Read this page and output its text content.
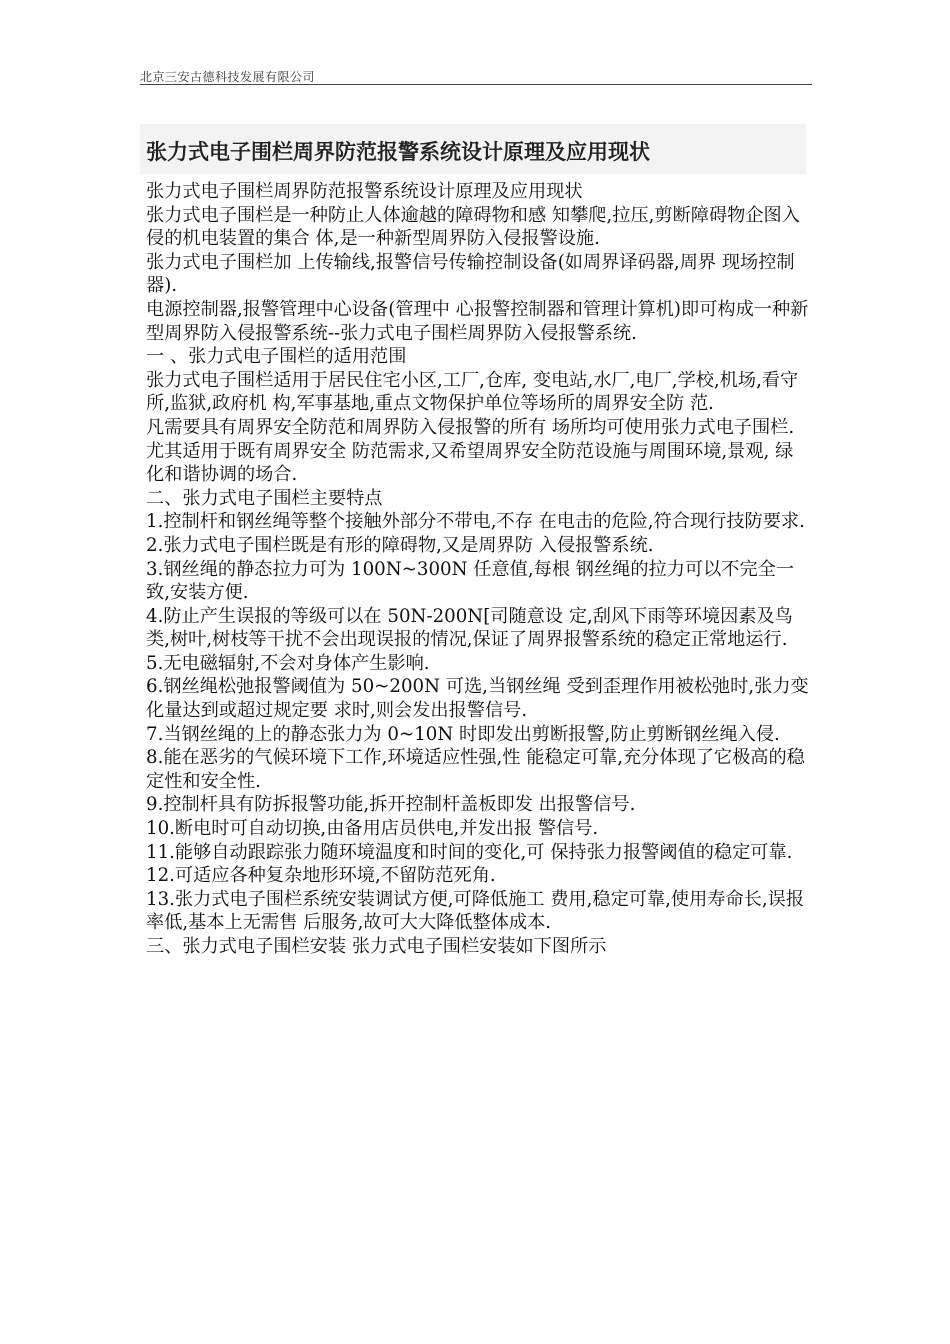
北京三安古德科技发展有限公司
张力式电子围栏周界防范报警系统设计原理及应用现状

张力式电子围栏周界防范报警系统设计原理及应用现状

张力式电子围栏是一种防止人体逾越的障碍物和感 知攀爬,拉压,剪断障碍物企图入侵的机电装置的集合 体,是一种新型周界防入侵报警设施.

张力式电子围栏加 上传输线,报警信号传输控制设备(如周界译码器,周界 现场控制器).

电源控制器,报警管理中心设备(管理中 心报警控制器和管理计算机)即可构成一种新型周界防入侵报警系统--张力式电子围栏周界防入侵报警系统.

一 、张力式电子围栏的适用范围

张力式电子围栏适用于居民住宅小区,工厂,仓库, 变电站,水厂,电厂,学校,机场,看守所,监狱,政府机 构,军事基地,重点文物保护单位等场所的周界安全防 范.

凡需要具有周界安全防范和周界防入侵报警的所有 场所均可使用张力式电子围栏.

尤其适用于既有周界安全 防范需求,又希望周界安全防范设施与周围环境,景观, 绿化和谐协调的场合.

二、张力式电子围栏主要特点

1.控制杆和钢丝绳等整个接触外部分不带电,不存 在电击的危险,符合现行技防要求.

2.张力式电子围栏既是有形的障碍物,又是周界防 入侵报警系统.

3.钢丝绳的静态拉力可为 100N~300N 任意值,每根 钢丝绳的拉力可以不完全一致,安装方便.

4.防止产生误报的等级可以在 50N-200N[司随意设 定,刮风下雨等环境因素及鸟类,树叶,树枝等干扰不会出现误报的情况,保证了周界报警系统的稳定正常地运行.

5.无电磁辐射,不会对身体产生影响.

6.钢丝绳松弛报警阈值为 50~200N 可选,当钢丝绳 受到歪理作用被松弛时,张力变化量达到或超过规定要 求时,则会发出报警信号.

7.当钢丝绳的上的静态张力为 0~10N 时即发出剪断报警,防止剪断钢丝绳入侵.

8.能在恶劣的气候环境下工作,环境适应性强,性 能稳定可靠,充分体现了它极高的稳定性和安全性.

9.控制杆具有防拆报警功能,拆开控制杆盖板即发 出报警信号.

10.断电时可自动切换,由备用店员供电,并发出报 警信号.

11.能够自动跟踪张力随环境温度和时间的变化,可 保持张力报警阈值的稳定可靠.

12.可适应各种复杂地形环境,不留防范死角.

13.张力式电子围栏系统安装调试方便,可降低施工 费用,稳定可靠,使用寿命长,误报率低,基本上无需售 后服务,故可大大降低整体成本.

三、张力式电子围栏安装 张力式电子围栏安装如下图所示
